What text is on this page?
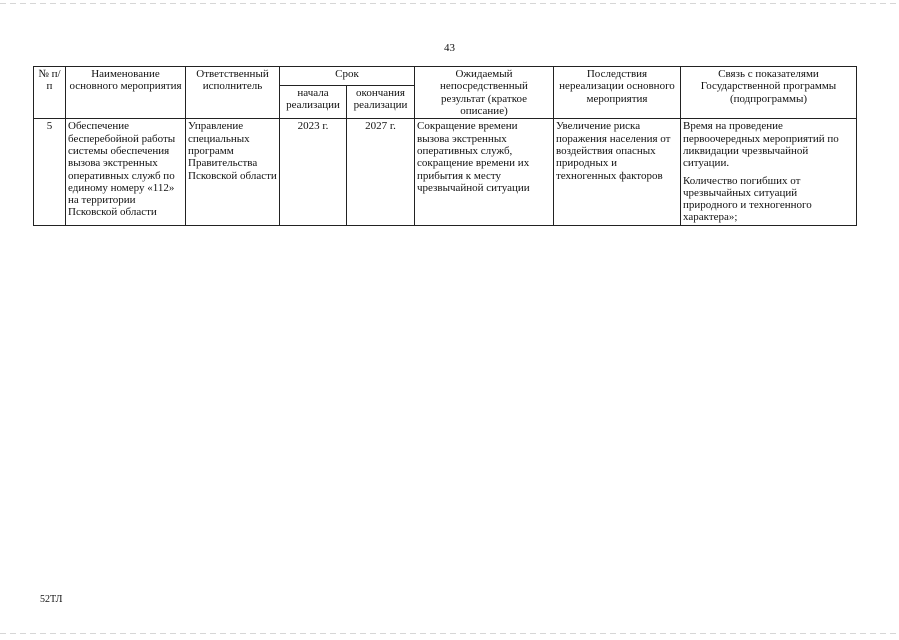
43
№ п/п	Наименование основного мероприятия	Ответственный исполнитель	Срок		Ожидаемый непосредственный результат (краткое описание)	Последствия нереализации основного мероприятия	Связь с показателями Государственной программы (подпрограммы)
			начала реализации	окончания реализации			
5	Обеспечение бесперебойной работы системы обеспечения вызова экстренных оперативных служб по единому номеру «112» на территории Псковской области	Управление специальных программ Правительства Псковской области	2023 г.	2027 г.	Сокращение времени вызова экстренных оперативных служб, сокращение времени их прибытия к месту чрезвычайной ситуации	Увеличение риска поражения населения от воздействия опасных природных и техногенных факторов	Время на проведение первоочередных мероприятий по ликвидации чрезвычайной ситуации.
Количество погибших от чрезвычайных ситуаций природного и техногенного характера»;
52ТЛ
